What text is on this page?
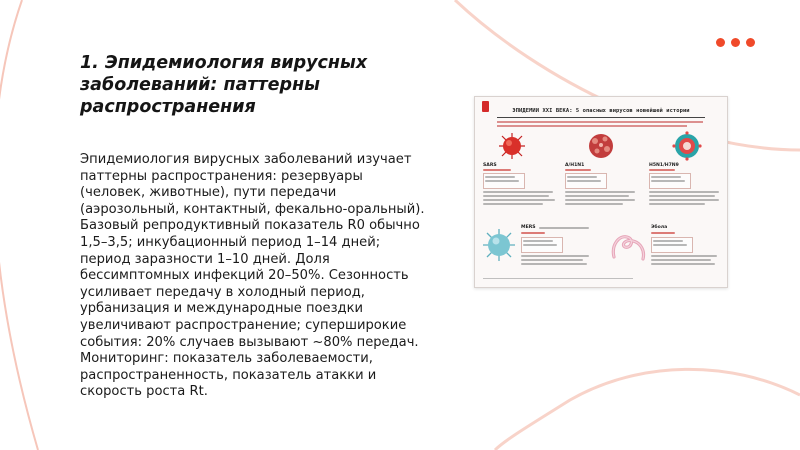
1. Эпидемиология вирусных заболеваний: паттерны распространения

Эпидемиология вирусных заболеваний изучает паттерны распространения: резервуары (человек, животные), пути передачи (аэрозольный, контактный, фекально-оральный). Базовый репродуктивный показатель R0 обычно 1,5–3,5; инкубационный период 1–14 дней; период заразности 1–10 дней. Доля бессимптомных инфекций 20–50%. Сезонность усиливает передачу в холодный период, урбанизация и международные поездки увеличивают распространение; суперширокие события: 20% случаев вызывают ~80% передач. Мониторинг: показатель заболеваемости, распространенность, показатель атакки и скорость роста Rt.

ЭПИДЕМИИ XXI ВЕКА: 5 опасных вирусов новейшей истории
SARS	A/H1N1	H5N1/H7N9
MERS	Эбола
